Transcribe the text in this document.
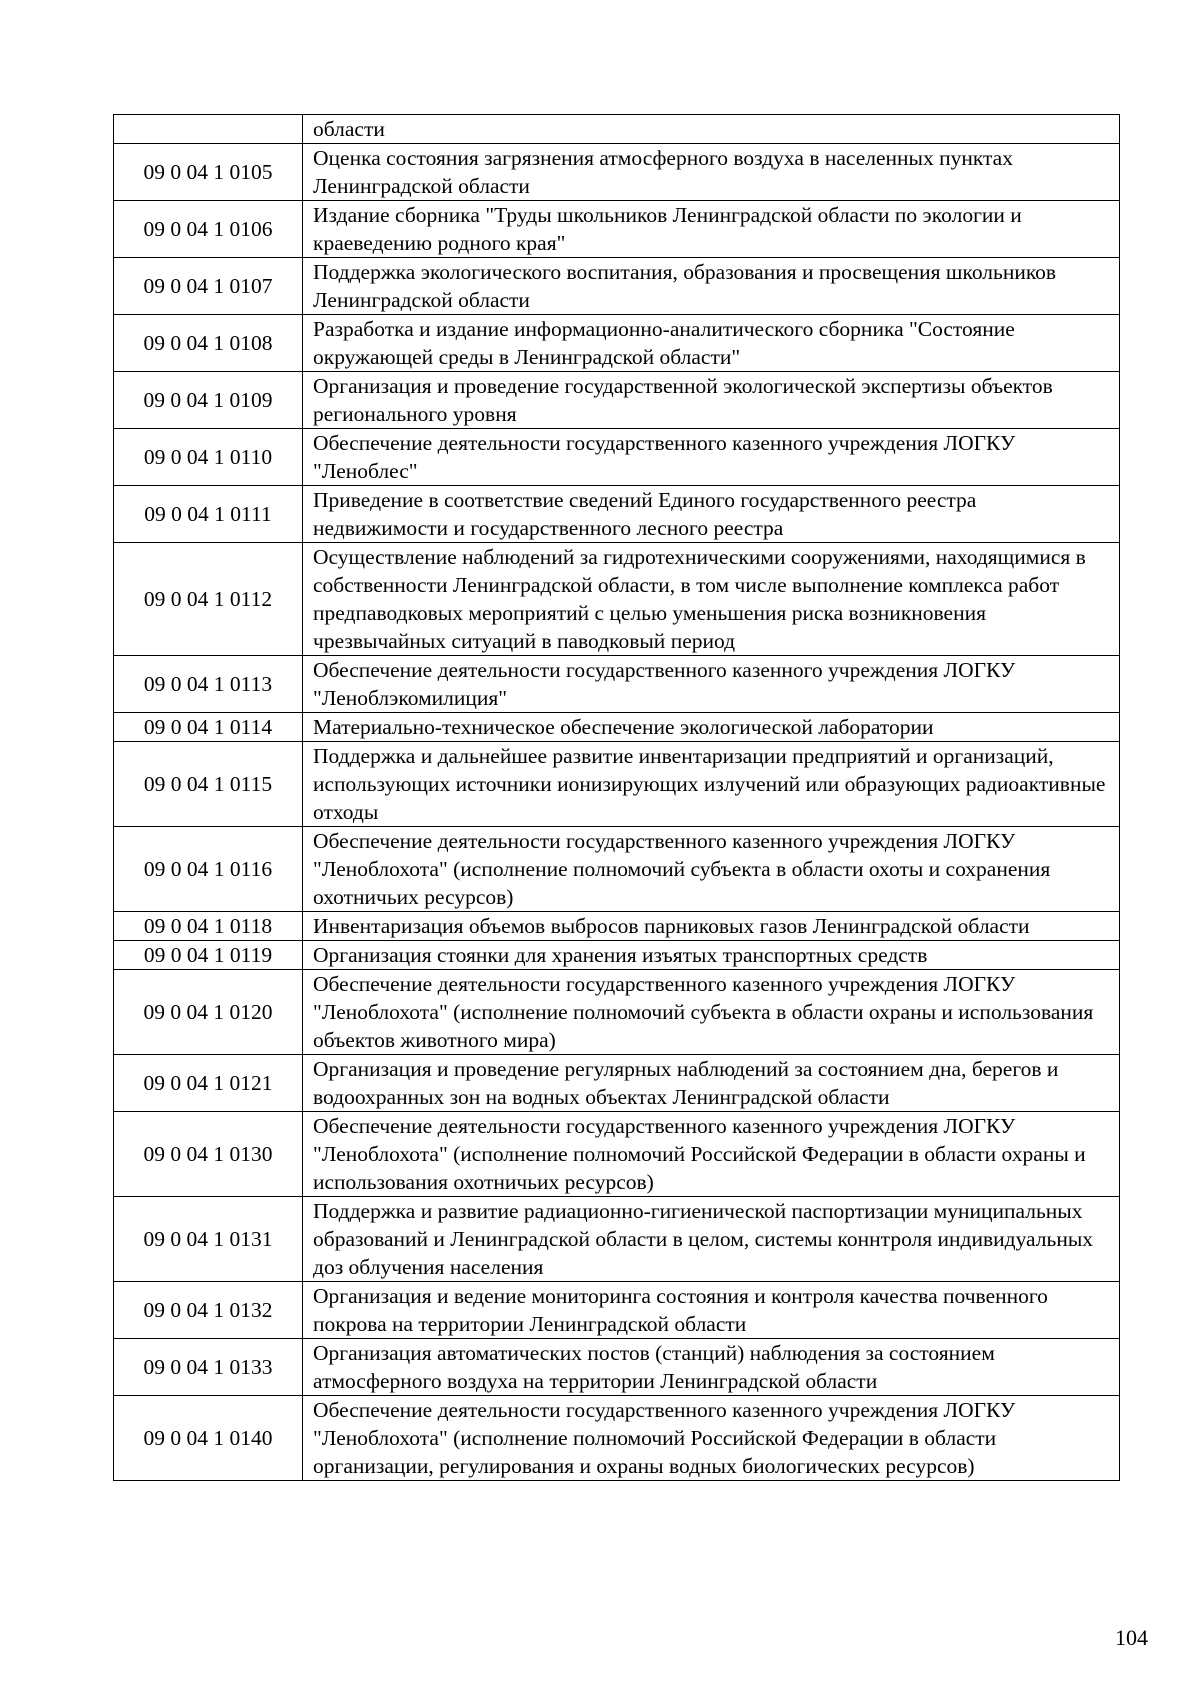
	области
09 0 04 1 0105	Оценка состояния загрязнения атмосферного воздуха в населенных пунктах Ленинградской области
09 0 04 1 0106	Издание сборника "Труды школьников Ленинградской области по экологии и краеведению родного края"
09 0 04 1 0107	Поддержка экологического воспитания, образования и просвещения школьников Ленинградской области
09 0 04 1 0108	Разработка и издание информационно-аналитического сборника "Состояние окружающей среды в Ленинградской области"
09 0 04 1 0109	Организация и проведение государственной экологической экспертизы объектов регионального уровня
09 0 04 1 0110	Обеспечение деятельности государственного казенного учреждения ЛОГКУ "Леноблес"
09 0 04 1 0111	Приведение в соответствие сведений Единого государственного реестра недвижимости и государственного лесного реестра
09 0 04 1 0112	Осуществление наблюдений за гидротехническими сооружениями, находящимися в собственности Ленинградской области, в том числе выполнение комплекса работ предпаводковых мероприятий с целью уменьшения риска возникновения чрезвычайных ситуаций в паводковый период
09 0 04 1 0113	Обеспечение деятельности государственного казенного учреждения ЛОГКУ "Леноблэкомилиция"
09 0 04 1 0114	Материально-техническое обеспечение экологической лаборатории
09 0 04 1 0115	Поддержка и дальнейшее развитие инвентаризации предприятий и организаций, использующих источники ионизирующих излучений или образующих радиоактивные отходы
09 0 04 1 0116	Обеспечение деятельности государственного казенного учреждения ЛОГКУ "Леноблохота" (исполнение полномочий субъекта в области охоты и сохранения охотничьих ресурсов)
09 0 04 1 0118	Инвентаризация объемов выбросов парниковых газов Ленинградской области
09 0 04 1 0119	Организация стоянки для хранения изъятых транспортных средств
09 0 04 1 0120	Обеспечение деятельности государственного казенного учреждения ЛОГКУ "Леноблохота" (исполнение полномочий субъекта в области охраны и использования объектов животного мира)
09 0 04 1 0121	Организация и проведение регулярных наблюдений за состоянием дна, берегов и водоохранных зон на водных объектах Ленинградской области
09 0 04 1 0130	Обеспечение деятельности государственного казенного учреждения ЛОГКУ "Леноблохота" (исполнение полномочий Российской Федерации в области охраны и использования охотничьих ресурсов)
09 0 04 1 0131	Поддержка и развитие радиационно-гигиенической паспортизации муниципальных образований и Ленинградской области в целом, системы коннтроля индивидуальных доз облучения населения
09 0 04 1 0132	Организация и ведение мониторинга состояния и контроля качества почвенного покрова на территории Ленинградской области
09 0 04 1 0133	Организация автоматических постов (станций) наблюдения за состоянием атмосферного воздуха на территории Ленинградской области
09 0 04 1 0140	Обеспечение деятельности государственного казенного учреждения ЛОГКУ "Леноблохота" (исполнение полномочий Российской Федерации в области организации, регулирования и охраны водных биологических ресурсов)
104
